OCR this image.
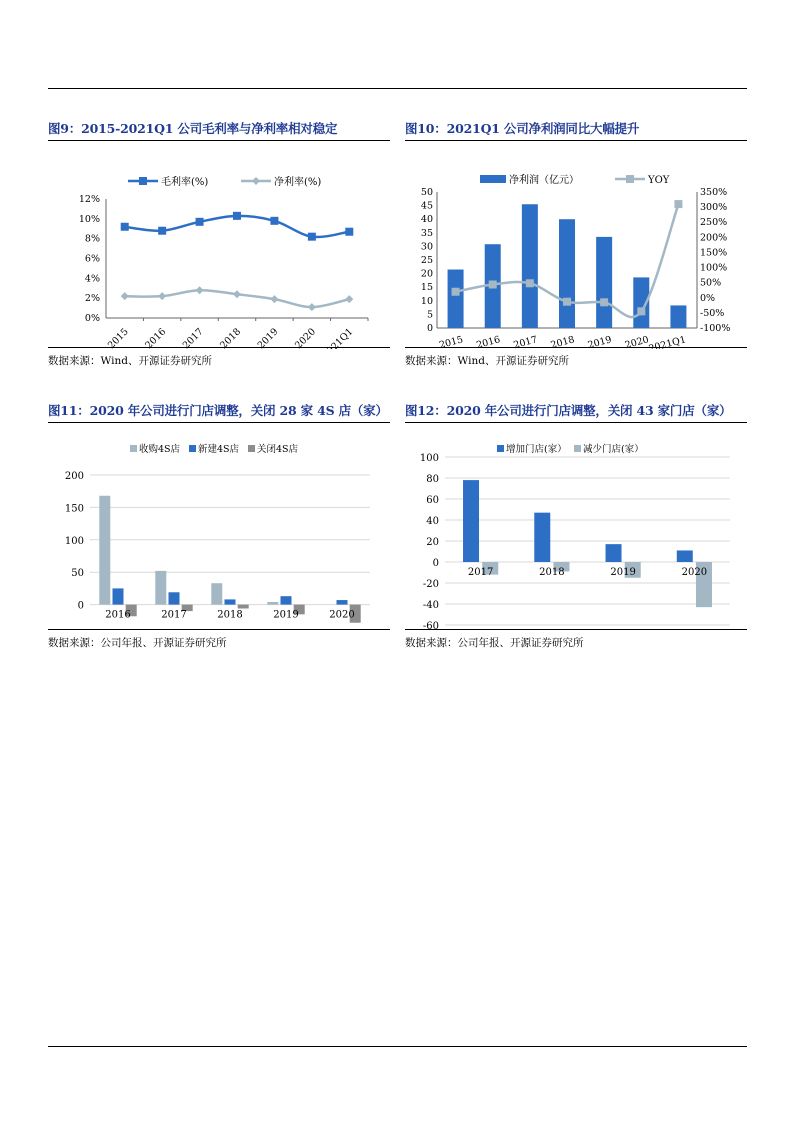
图9：2015-2021Q1 公司毛利率与净利率相对稳定
0%
2%
4%
6%
8%
10%
12%
2015 2016 2017 2018 2019 2020 2021Q1
毛利率(%)	净利率(%)
数据来源：Wind、开源证券研究所
图10：2021Q1 公司净利润同比大幅提升
0
5
10
15
20
25
30
35
40
45
50
-100%
-50%
0%
50%
100%
150%
200%
250%
300%
350%
2015 2016 2017 2018 2019 2020
2021Q1
净利润（亿元）	YOY
数据来源：Wind、开源证券研究所
图11：2020 年公司进行门店调整，关闭 28 家 4S 店（家）
0
50
100
150
200
2016	2017	2018	2019	2020
收购4S店 新建4S店 关闭4S店
数据来源：公司年报、开源证券研究所
图12：2020 年公司进行门店调整，关闭 43 家门店（家）
-60
-40
-20
0
20
40
60
80
100
2017	2018	2019	2020
增加门店(家） 减少门店(家）
数据来源：公司年报、开源证券研究所
